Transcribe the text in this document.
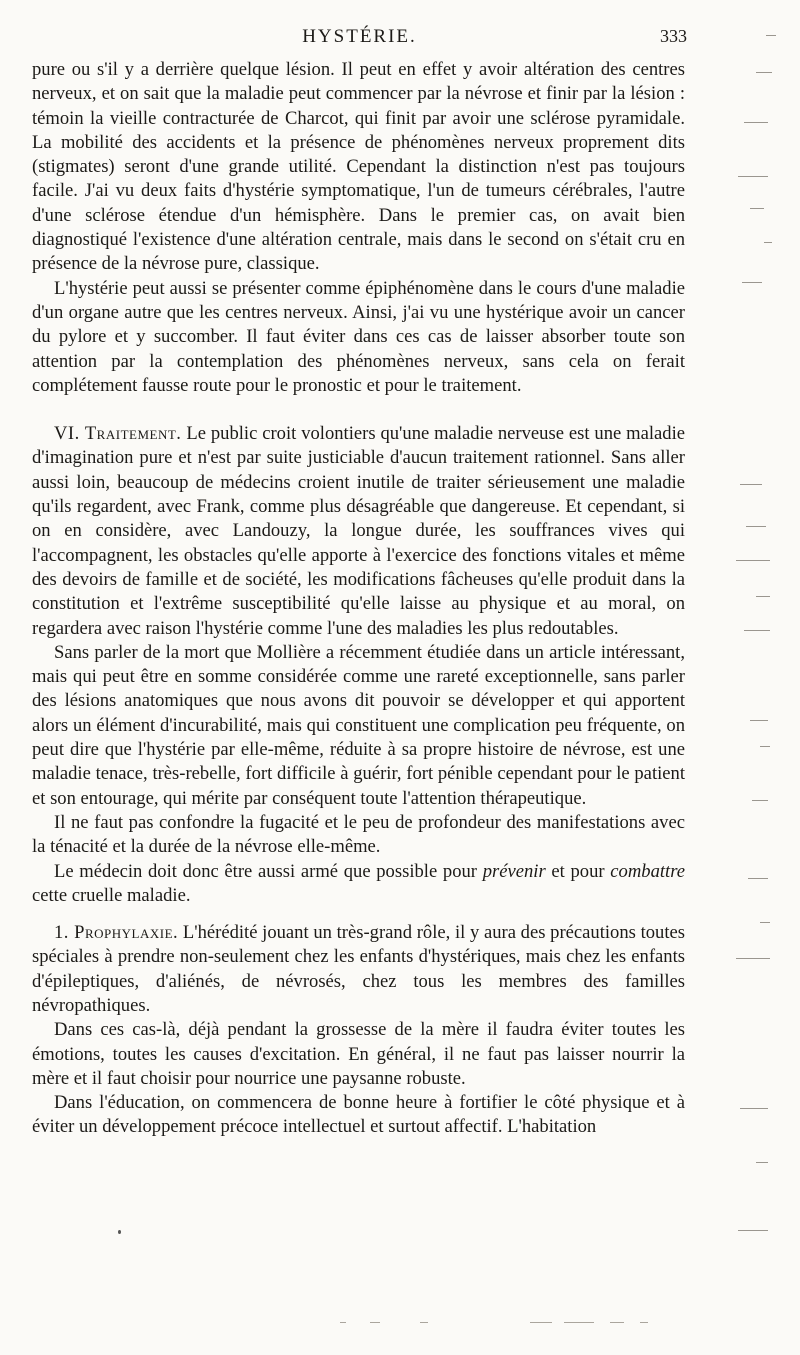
HYSTÉRIE.	333

pure ou s'il y a derrière quelque lésion. Il peut en effet y avoir altération des centres nerveux, et on sait que la maladie peut commencer par la névrose et finir par la lésion : témoin la vieille contracturée de Charcot, qui finit par avoir une sclérose pyramidale. La mobilité des accidents et la présence de phénomènes nerveux proprement dits (stigmates) seront d'une grande utilité. Cependant la distinction n'est pas toujours facile. J'ai vu deux faits d'hystérie symptomatique, l'un de tumeurs cérébrales, l'autre d'une sclérose étendue d'un hémisphère. Dans le premier cas, on avait bien diagnostiqué l'existence d'une altération centrale, mais dans le second on s'était cru en présence de la névrose pure, classique.

L'hystérie peut aussi se présenter comme épiphénomène dans le cours d'une maladie d'un organe autre que les centres nerveux. Ainsi, j'ai vu une hystérique avoir un cancer du pylore et y succomber. Il faut éviter dans ces cas de laisser absorber toute son attention par la contemplation des phénomènes nerveux, sans cela on ferait complétement fausse route pour le pronostic et pour le traitement.

VI. Traitement. Le public croit volontiers qu'une maladie nerveuse est une maladie d'imagination pure et n'est par suite justiciable d'aucun traitement rationnel. Sans aller aussi loin, beaucoup de médecins croient inutile de traiter sérieusement une maladie qu'ils regardent, avec Frank, comme plus désagréable que dangereuse. Et cependant, si on en considère, avec Landouzy, la longue durée, les souffrances vives qui l'accompagnent, les obstacles qu'elle apporte à l'exercice des fonctions vitales et même des devoirs de famille et de société, les modifications fâcheuses qu'elle produit dans la constitution et l'extrême susceptibilité qu'elle laisse au physique et au moral, on regardera avec raison l'hystérie comme l'une des maladies les plus redoutables.

Sans parler de la mort que Mollière a récemment étudiée dans un article intéressant, mais qui peut être en somme considérée comme une rareté exceptionnelle, sans parler des lésions anatomiques que nous avons dit pouvoir se développer et qui apportent alors un élément d'incurabilité, mais qui constituent une complication peu fréquente, on peut dire que l'hystérie par elle-même, réduite à sa propre histoire de névrose, est une maladie tenace, très-rebelle, fort difficile à guérir, fort pénible cependant pour le patient et son entourage, qui mérite par conséquent toute l'attention thérapeutique.

Il ne faut pas confondre la fugacité et le peu de profondeur des manifestations avec la ténacité et la durée de la névrose elle-même.

Le médecin doit donc être aussi armé que possible pour prévenir et pour combattre cette cruelle maladie.

1. Prophylaxie. L'hérédité jouant un très-grand rôle, il y aura des précautions toutes spéciales à prendre non-seulement chez les enfants d'hystériques, mais chez les enfants d'épileptiques, d'aliénés, de névrosés, chez tous les membres des familles névropathiques.

Dans ces cas-là, déjà pendant la grossesse de la mère il faudra éviter toutes les émotions, toutes les causes d'excitation. En général, il ne faut pas laisser nourrir la mère et il faut choisir pour nourrice une paysanne robuste.

Dans l'éducation, on commencera de bonne heure à fortifier le côté physique et à éviter un développement précoce intellectuel et surtout affectif. L'habitation
